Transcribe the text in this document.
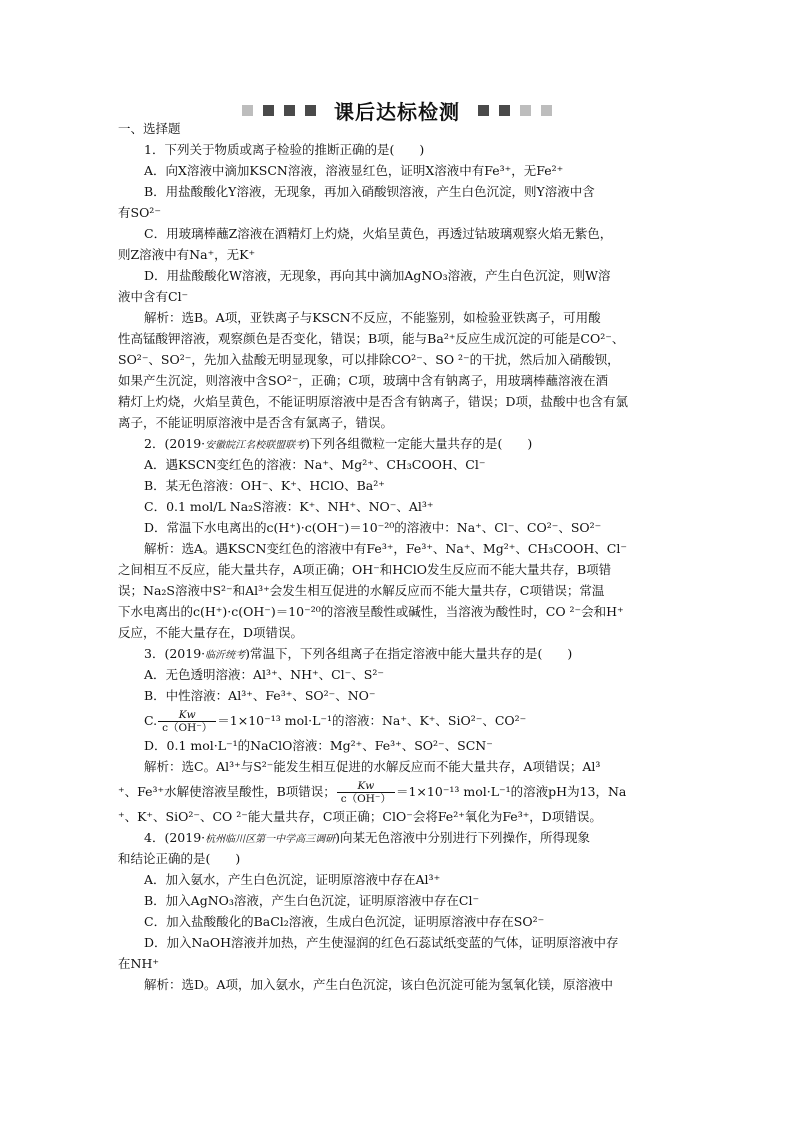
课后达标检测
一、选择题
1．下列关于物质或离子检验的推断正确的是(　　)
A．向X溶液中滴加KSCN溶液，溶液显红色，证明X溶液中有Fe³⁺，无Fe²⁺
B．用盐酸酸化Y溶液，无现象，再加入硝酸钡溶液，产生白色沉淀，则Y溶液中含
有SO²⁻
C．用玻璃棒蘸Z溶液在酒精灯上灼烧，火焰呈黄色，再透过钴玻璃观察火焰无紫色，
则Z溶液中有Na⁺，无K⁺
D．用盐酸酸化W溶液，无现象，再向其中滴加AgNO₃溶液，产生白色沉淀，则W溶
液中含有Cl⁻
解析：选B。A项，亚铁离子与KSCN不反应，不能鉴别，如检验亚铁离子，可用酸
性高锰酸钾溶液，观察颜色是否变化，错误；B项，能与Ba²⁺反应生成沉淀的可能是CO²⁻、
SO²⁻、SO²⁻，先加入盐酸无明显现象，可以排除CO²⁻、SO ²⁻的干扰，然后加入硝酸钡，
如果产生沉淀，则溶液中含SO²⁻，正确；C项，玻璃中含有钠离子，用玻璃棒蘸溶液在酒
精灯上灼烧，火焰呈黄色，不能证明原溶液中是否含有钠离子，错误；D项，盐酸中也含有氯
离子，不能证明原溶液中是否含有氯离子，错误。
2．(2019·安徽皖江名校联盟联考)下列各组微粒一定能大量共存的是(　　)
A．遇KSCN变红色的溶液：Na⁺、Mg²⁺、CH₃COOH、Cl⁻
B．某无色溶液：OH⁻、K⁺、HClO、Ba²⁺
C．0.1 mol/L Na₂S溶液：K⁺、NH⁺、NO⁻、Al³⁺
D．常温下水电离出的c(H⁺)·c(OH⁻)＝10⁻²⁰的溶液中：Na⁺、Cl⁻、CO²⁻、SO²⁻
解析：选A。遇KSCN变红色的溶液中有Fe³⁺，Fe³⁺、Na⁺、Mg²⁺、CH₃COOH、Cl⁻
之间相互不反应，能大量共存，A项正确；OH⁻和HClO发生反应而不能大量共存，B项错
误；Na₂S溶液中S²⁻和Al³⁺会发生相互促进的水解反应而不能大量共存，C项错误；常温
下水电离出的c(H⁺)·c(OH⁻)＝10⁻²⁰的溶液呈酸性或碱性，当溶液为酸性时，CO ²⁻会和H⁺
反应，不能大量存在，D项错误。
3．(2019·临沂统考)常温下，下列各组离子在指定溶液中能大量共存的是(　　)
A．无色透明溶液：Al³⁺、NH⁺、Cl⁻、S²⁻
B．中性溶液：Al³⁺、Fe³⁺、SO²⁻、NO⁻
C. $\frac{Kw}{c(OH^-)} =1\times 10^{-13}$ mol·L⁻¹的溶液：Na⁺、K⁺、SiO²⁻、CO²⁻
D．0.1 mol·L⁻¹的NaClO溶液：Mg²⁺、Fe³⁺、SO²⁻、SCN⁻
解析：选C。Al³⁺与S²⁻能发生相互促进的水解反应而不能大量共存，A项错误；Al³
⁺、Fe³⁺水解使溶液呈酸性，B项错误； $\frac{Kw}{c(OH^-)} =1\times 10^{-13}$ mol·L⁻¹的溶液pH为13，Na
⁺、K⁺、SiO²⁻、CO ²⁻能大量共存，C项正确；ClO⁻会将Fe²⁺氧化为Fe³⁺，D项错误。
4．(2019·杭州临川区第一中学高三调研)向某无色溶液中分别进行下列操作，所得现象
和结论正确的是(　　)
A．加入氨水，产生白色沉淀，证明原溶液中存在Al³⁺
B．加入AgNO₃溶液，产生白色沉淀，证明原溶液中存在Cl⁻
C．加入盐酸酸化的BaCl₂溶液，生成白色沉淀，证明原溶液中存在SO²⁻
D．加入NaOH溶液并加热，产生使湿润的红色石蕊试纸变蓝的气体，证明原溶液中存
在NH⁺
解析：选D。A项，加入氨水，产生白色沉淀，该白色沉淀可能为氢氧化镁，原溶液中
